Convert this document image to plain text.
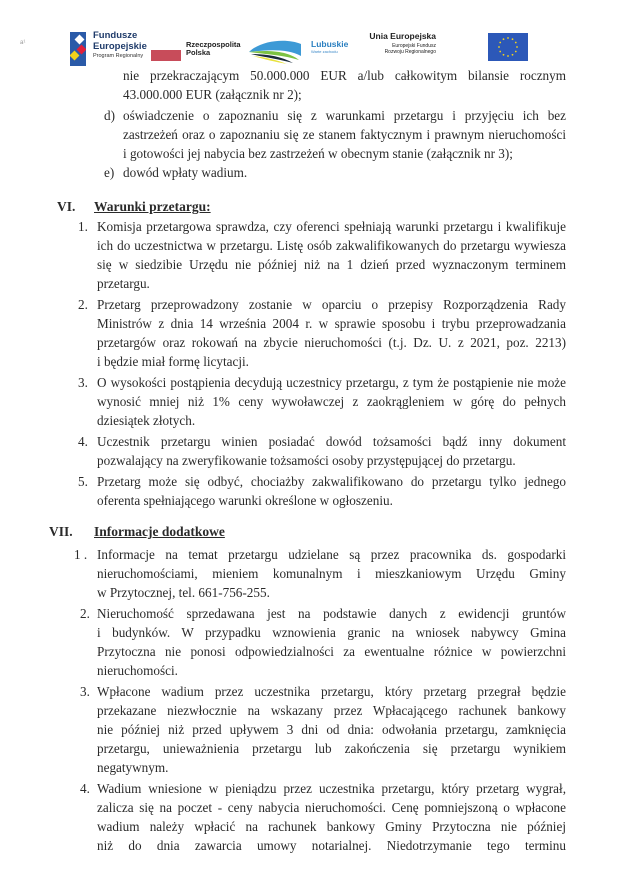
a¹
Fundusze
Europejskie
Program Regionalny
Rzeczpospolita
Polska
Lubuskie
Warte zachodu
Unia Europejska
Europejski Fundusz
Rozwoju Regionalnego
nie przekraczającym 50.000.000 EUR a/lub całkowitym bilansie rocznym
43.000.000 EUR (załącznik nr 2);
d) oświadczenie o zapoznaniu się z warunkami przetargu i przyjęciu ich bez
zastrzeżeń oraz o zapoznaniu się ze stanem faktycznym i prawnym nieruchomości
i gotowości jej nabycia bez zastrzeżeń w obecnym stanie (załącznik nr 3);
e) dowód wpłaty wadium.
VI. Warunki przetargu:
1. Komisja przetargowa sprawdza, czy oferenci spełniają warunki przetargu i kwalifikuje
ich do uczestnictwa w przetargu. Listę osób zakwalifikowanych do przetargu wywiesza
się w siedzibie Urzędu nie później niż na 1 dzień przed wyznaczonym terminem
przetargu.
2. Przetarg przeprowadzony zostanie w oparciu o przepisy Rozporządzenia Rady
Ministrów z dnia 14 września 2004 r. w sprawie sposobu i trybu przeprowadzania
przetargów oraz rokowań na zbycie nieruchomości (t.j. Dz. U. z 2021, poz. 2213)
i będzie miał formę licytacji.
3. O wysokości postąpienia decydują uczestnicy przetargu, z tym że postąpienie nie może
wynosić mniej niż 1% ceny wywoławczej z zaokrągleniem w górę do pełnych
dziesiątek złotych.
4. Uczestnik przetargu winien posiadać dowód tożsamości bądź inny dokument
pozwalający na zweryfikowanie tożsamości osoby przystępującej do przetargu.
5. Przetarg może się odbyć, chociażby zakwalifikowano do przetargu tylko jednego
oferenta spełniającego warunki określone w ogłoszeniu.
VII. Informacje dodatkowe
1 . Informacje na temat przetargu udzielane są przez pracownika ds. gospodarki
nieruchomościami, mieniem komunalnym i mieszkaniowym Urzędu Gminy
w Przytocznej, tel. 661-756-255.
2. Nieruchomość sprzedawana jest na podstawie danych z ewidencji gruntów
i budynków. W przypadku wznowienia granic na wniosek nabywcy Gmina
Przytoczna nie ponosi odpowiedzialności za ewentualne różnice w powierzchni
nieruchomości.
3. Wpłacone wadium przez uczestnika przetargu, który przetarg przegrał będzie
przekazane niezwłocznie na wskazany przez Wpłacającego rachunek bankowy
nie później niż przed upływem 3 dni od dnia: odwołania przetargu, zamknięcia
przetargu, unieważnienia przetargu lub zakończenia się przetargu wynikiem
negatywnym.
4. Wadium wniesione w pieniądzu przez uczestnika przetargu, który przetarg wygrał,
zalicza się na poczet - ceny nabycia nieruchomości. Cenę pomniejszoną o wpłacone
wadium należy wpłacić na rachunek bankowy Gminy Przytoczna nie później
niż do dnia zawarcia umowy notarialnej. Niedotrzymanie tego terminu
